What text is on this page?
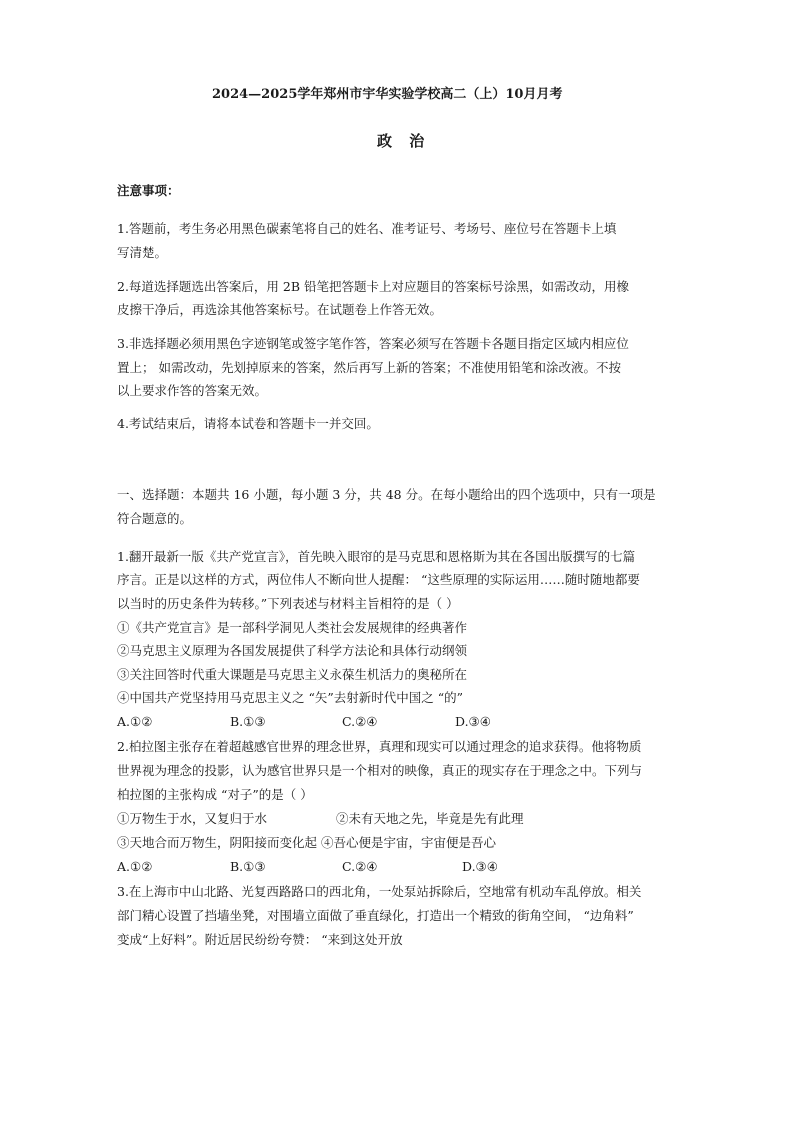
2024—2025学年郑州市宇华实验学校高二（上）10月月考
政 治
注意事项：
1.答题前，考生务必用黑色碳素笔将自己的姓名、准考证号、考场号、座位号在答题卡上填
写清楚。
2.每道选择题选出答案后，用 2B 铅笔把答题卡上对应题目的答案标号涂黑，如需改动，用橡
皮擦干净后，再选涂其他答案标号。在试题卷上作答无效。
3.非选择题必须用黑色字迹钢笔或签字笔作答，答案必须写在答题卡各题目指定区域内相应位
置上； 如需改动，先划掉原来的答案，然后再写上新的答案；不准使用铅笔和涂改液。不按
以上要求作答的答案无效。
4.考试结束后，请将本试卷和答题卡一并交回。
一、选择题：本题共 16 小题，每小题 3 分，共 48 分。在每小题给出的四个选项中，只有一项是
符合题意的。
1.翻开最新一版《共产党宣言》，首先映入眼帘的是马克思和恩格斯为其在各国出版撰写的七篇
序言。正是以这样的方式，两位伟人不断向世人提醒： “这些原理的实际运用……随时随地都要
以当时的历史条件为转移。”下列表述与材料主旨相符的是（ ）
①《共产党宣言》是一部科学洞见人类社会发展规律的经典著作
②马克思主义原理为各国发展提供了科学方法论和具体行动纲领
③关注回答时代重大课题是马克思主义永葆生机活力的奥秘所在
④中国共产党坚持用马克思主义之 “矢”去射新时代中国之 “的”
A.①②	B.①③	C.②④	D.③④
2.柏拉图主张存在着超越感官世界的理念世界，真理和现实可以通过理念的追求获得。他将物质
世界视为理念的投影，认为感官世界只是一个相对的映像，真正的现实存在于理念之中。下列与
柏拉图的主张构成 “对子”的是（ ）
①万物生于水，又复归于水	②未有天地之先，毕竟是先有此理
③天地合而万物生，阴阳接而变化起 ④吾心便是宇宙，宇宙便是吾心
A.①②	B.①③	C.②④	D.③④
3.在上海市中山北路、光复西路路口的西北角，一处泵站拆除后，空地常有机动车乱停放。相关
部门精心设置了挡墙坐凳，对围墙立面做了垂直绿化，打造出一个精致的街角空间， “边角料”
变成“上好料”。附近居民纷纷夸赞： “来到这处开放
